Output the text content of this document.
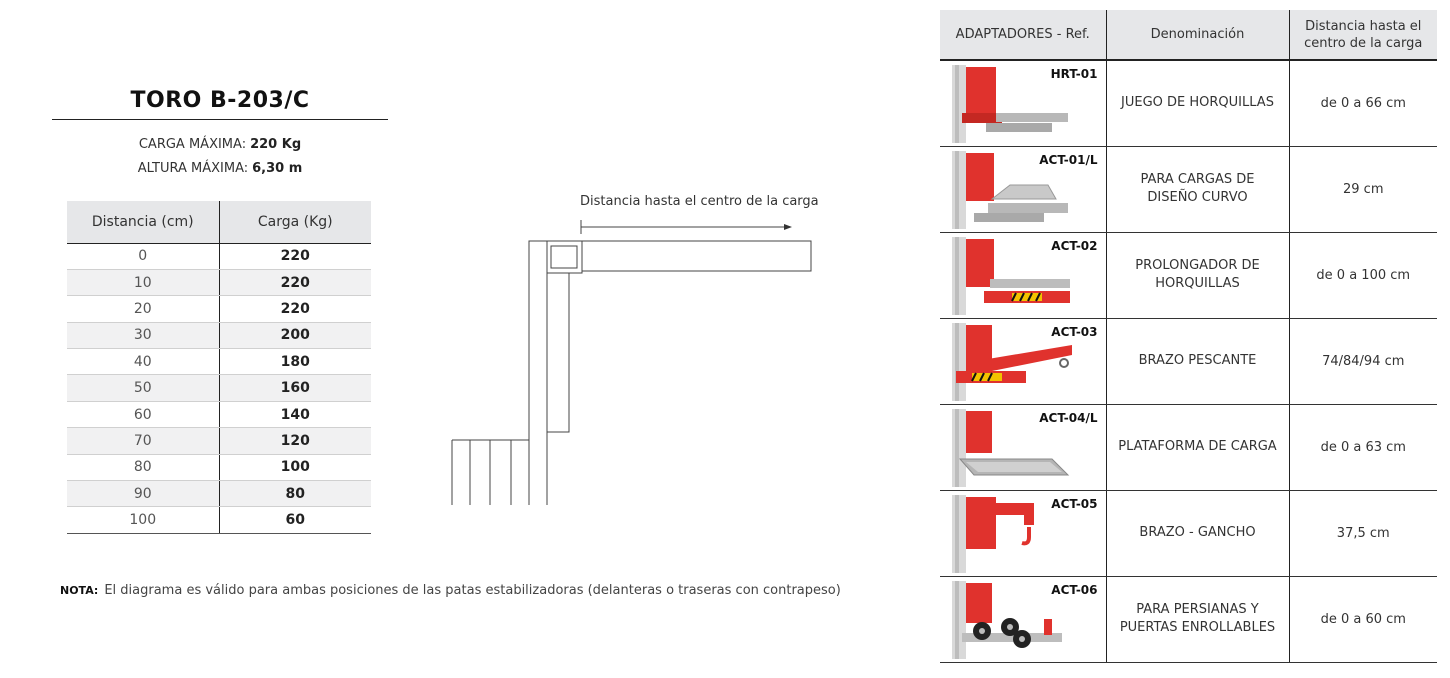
TORO B-203/C
CARGA MÁXIMA: 220 Kg
ALTURA MÁXIMA: 6,30 m
Distancia (cm)	Carga (Kg)
0	220
10	220
20	220
30	200
40	180
50	160
60	140
70	120
80	100
90	80
100	60
NOTA: El diagrama es válido para ambas posiciones de las patas estabilizadoras (delanteras o traseras con contrapeso)
Distancia hasta el centro de la carga
ADAPTADORES - Ref.	Denominación	Distancia hasta el
centro de la carga

HRT-01	JUEGO DE HORQUILLAS	de 0 a 66 cm

ACT-01/L	PARA CARGAS DE
DISEÑO CURVO	29 cm

ACT-02	PROLONGADOR DE
HORQUILLAS	de 0 a 100 cm

ACT-03	BRAZO PESCANTE	74/84/94 cm

ACT-04/L	PLATAFORMA DE CARGA	de 0 a 63 cm

ACT-05	BRAZO - GANCHO	37,5 cm

ACT-06	PARA PERSIANAS Y
PUERTAS ENROLLABLES	de 0 a 60 cm
